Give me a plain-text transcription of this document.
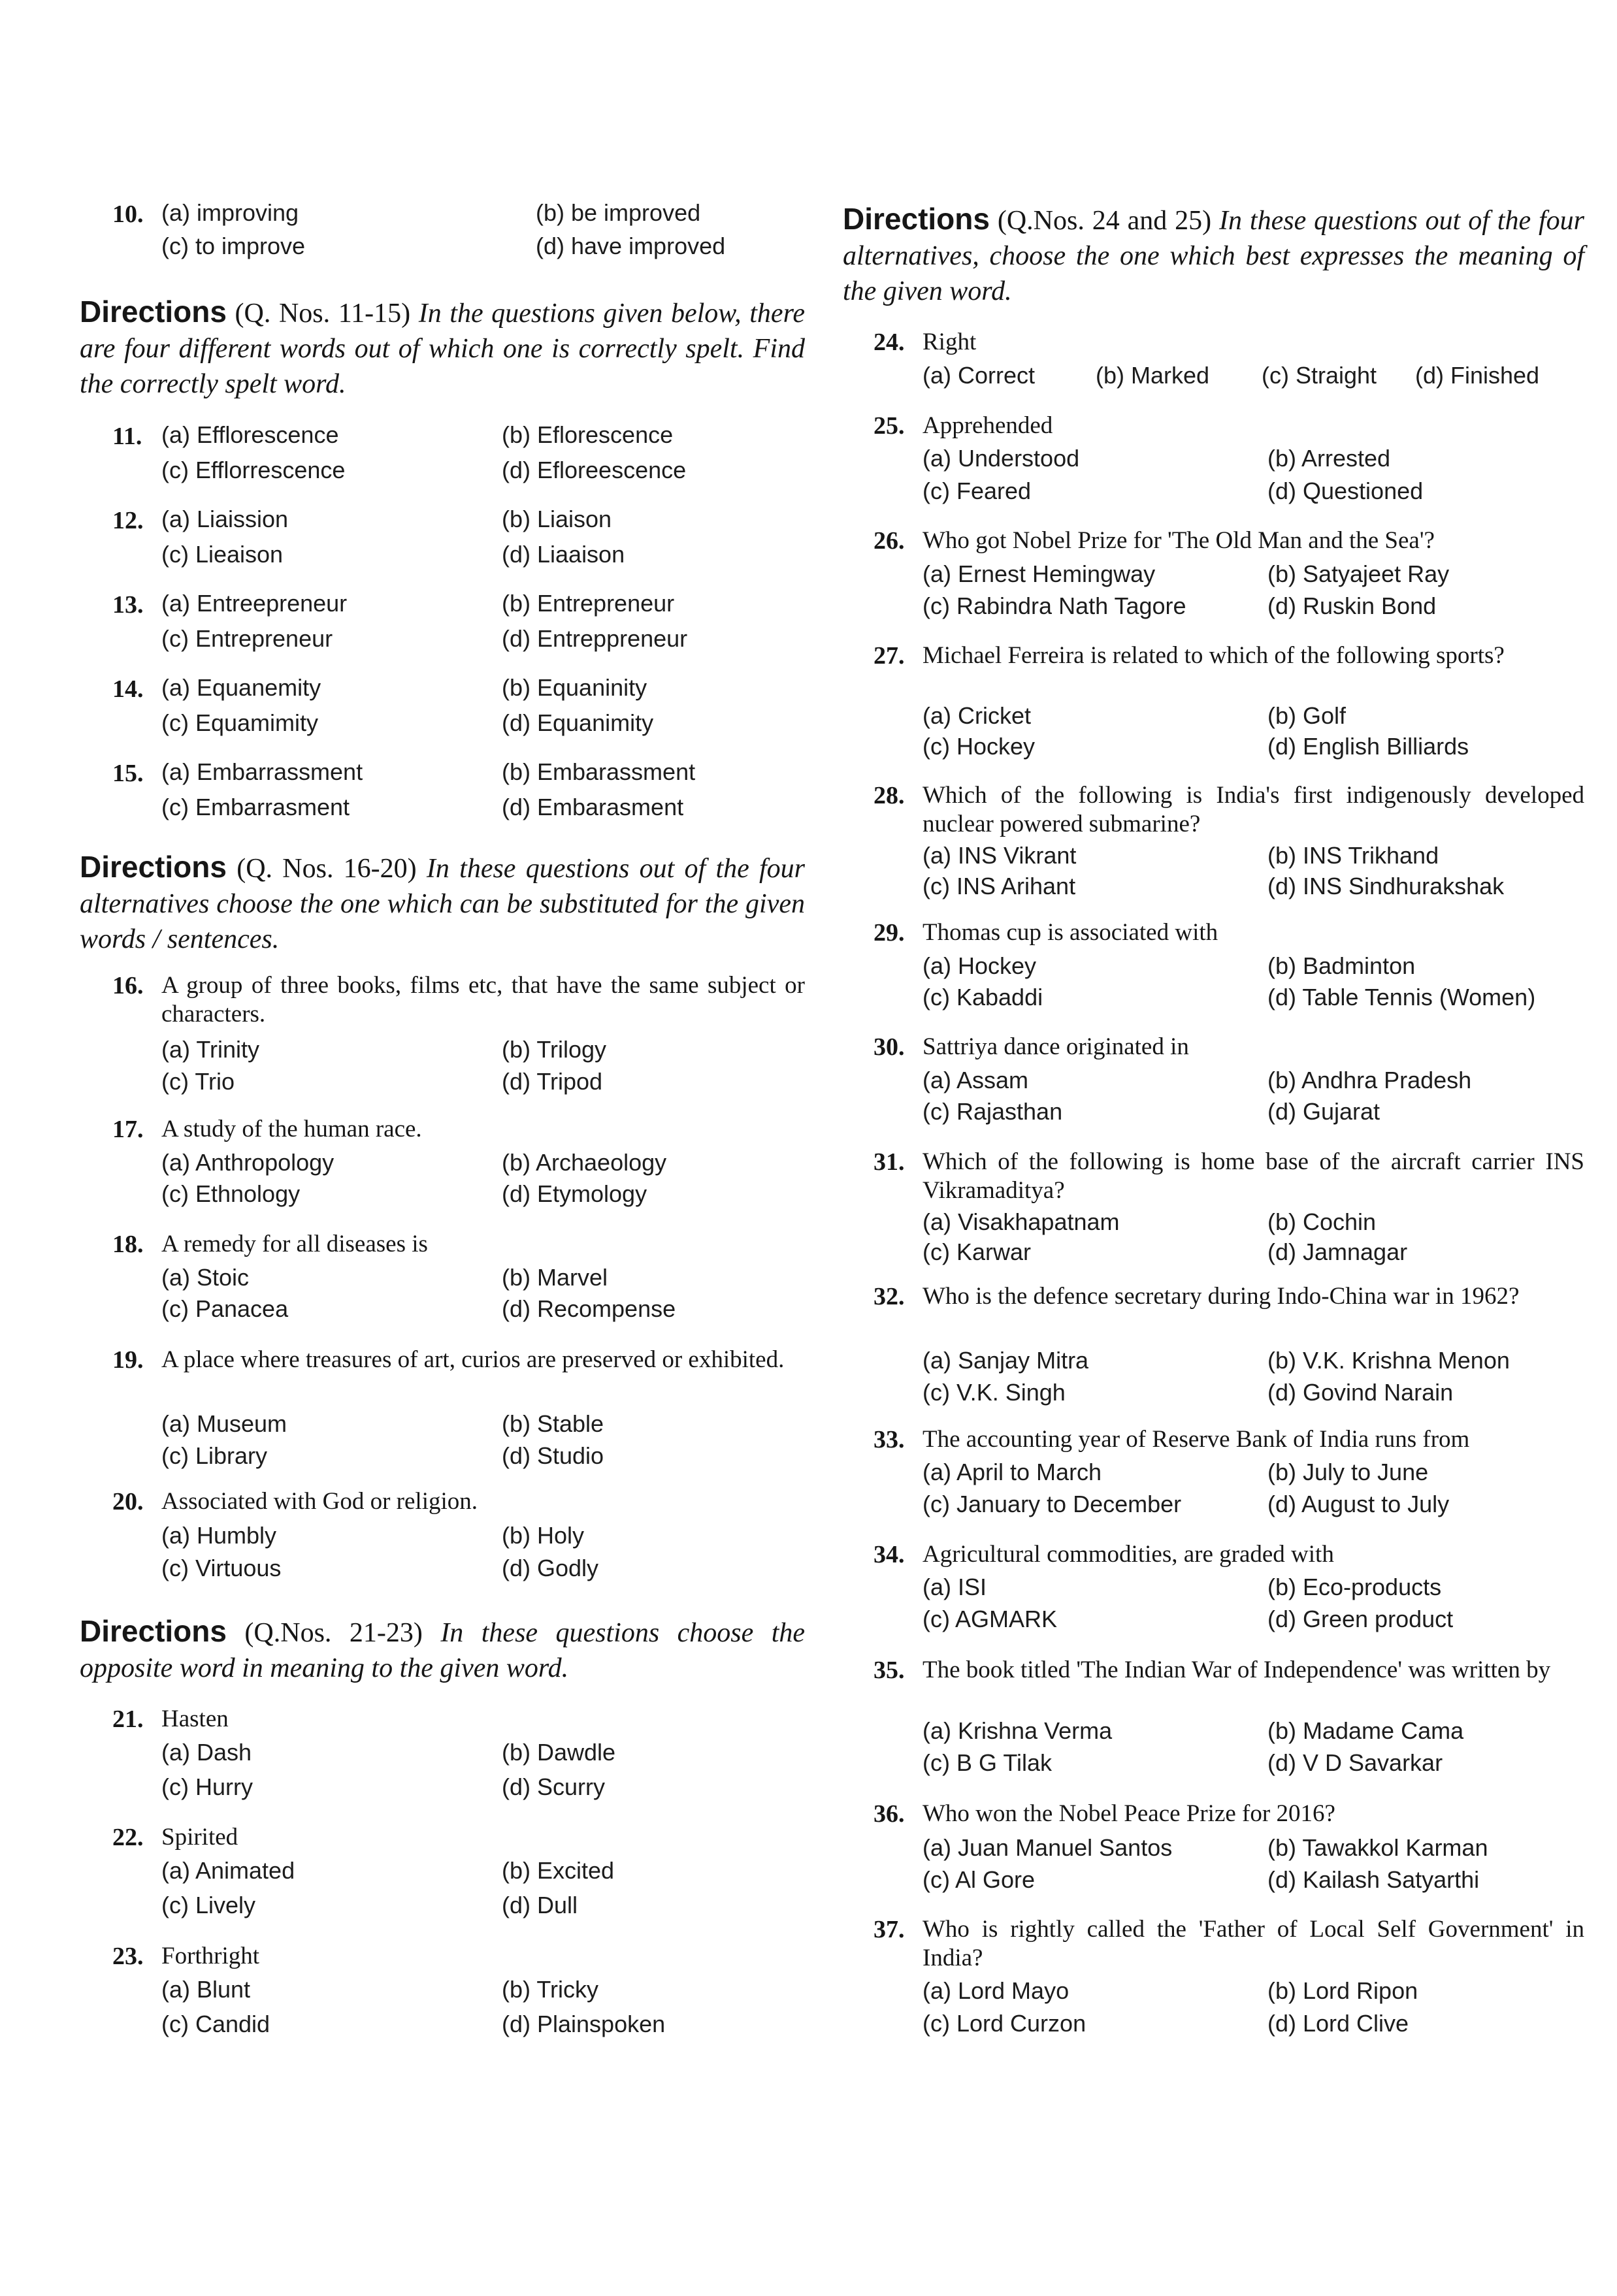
10. (a) improving	(b) be improved
(c) to improve	(d) have improved
Directions (Q. Nos. 11-15) In the questions given below, there are four different words out of which one is correctly spelt. Find the correctly spelt word.
11. (a) Efflorescence	(b) Eflorescence
(c) Efflorrescence	(d) Efloreescence
12. (a) Liaission	(b) Liaison
(c) Lieaison	(d) Liaaison
13. (a) Entreepreneur	(b) Entrepreneur
(c) Entrepreneur	(d) Entreppreneur
14. (a) Equanemity	(b) Equaninity
(c) Equamimity	(d) Equanimity
15. (a) Embarrassment	(b) Embarassment
(c) Embarrasment	(d) Embarasment
Directions (Q. Nos. 16-20) In these questions out of the four alternatives choose the one which can be substituted for the given words / sentences.
16. A group of three books, films etc, that have the same subject or characters.
(a) Trinity	(b) Trilogy
(c) Trio	(d) Tripod
17. A study of the human race.
(a) Anthropology	(b) Archaeology
(c) Ethnology	(d) Etymology
18. A remedy for all diseases is
(a) Stoic	(b) Marvel
(c) Panacea	(d) Recompense
19. A place where treasures of art, curios are preserved or exhibited.
(a) Museum	(b) Stable
(c) Library	(d) Studio
20. Associated with God or religion.
(a) Humbly	(b) Holy
(c) Virtuous	(d) Godly
Directions (Q.Nos. 21-23) In these questions choose the opposite word in meaning to the given word.
21. Hasten
(a) Dash	(b) Dawdle
(c) Hurry	(d) Scurry
22. Spirited
(a) Animated	(b) Excited
(c) Lively	(d) Dull
23. Forthright
(a) Blunt	(b) Tricky
(c) Candid	(d) Plainspoken
Directions (Q.Nos. 24 and 25) In these questions out of the four alternatives, choose the one which best expresses the meaning of the given word.
24. Right
(a) Correct	(b) Marked (c) Straight (d) Finished
25. Apprehended
(a) Understood	(b) Arrested
(c) Feared	(d) Questioned
26. Who got Nobel Prize for 'The Old Man and the Sea'?
(a) Ernest Hemingway	(b) Satyajeet Ray
(c) Rabindra Nath Tagore	(d) Ruskin Bond
27. Michael Ferreira is related to which of the following sports?
(a) Cricket	(b) Golf
(c) Hockey	(d) English Billiards
28. Which of the following is India's first indigenously developed nuclear powered submarine?
(a) INS Vikrant	(b) INS Trikhand
(c) INS Arihant	(d) INS Sindhurakshak
29. Thomas cup is associated with
(a) Hockey	(b) Badminton
(c) Kabaddi	(d) Table Tennis (Women)
30. Sattriya dance originated in
(a) Assam	(b) Andhra Pradesh
(c) Rajasthan	(d) Gujarat
31. Which of the following is home base of the aircraft carrier INS Vikramaditya?
(a) Visakhapatnam	(b) Cochin
(c) Karwar	(d) Jamnagar
32. Who is the defence secretary during Indo-China war in 1962?
(a) Sanjay Mitra	(b) V.K. Krishna Menon
(c) V.K. Singh	(d) Govind Narain
33. The accounting year of Reserve Bank of India runs from
(a) April to March	(b) July to June
(c) January to December	(d) August to July
34. Agricultural commodities, are graded with
(a) ISI	(b) Eco-products
(c) AGMARK	(d) Green product
35. The book titled 'The Indian War of Independence' was written by
(a) Krishna Verma	(b) Madame Cama
(c) B G Tilak	(d) V D Savarkar
36. Who won the Nobel Peace Prize for 2016?
(a) Juan Manuel Santos	(b) Tawakkol Karman
(c) Al Gore	(d) Kailash Satyarthi
37. Who is rightly called the 'Father of Local Self Government' in India?
(a) Lord Mayo	(b) Lord Ripon
(c) Lord Curzon	(d) Lord Clive
